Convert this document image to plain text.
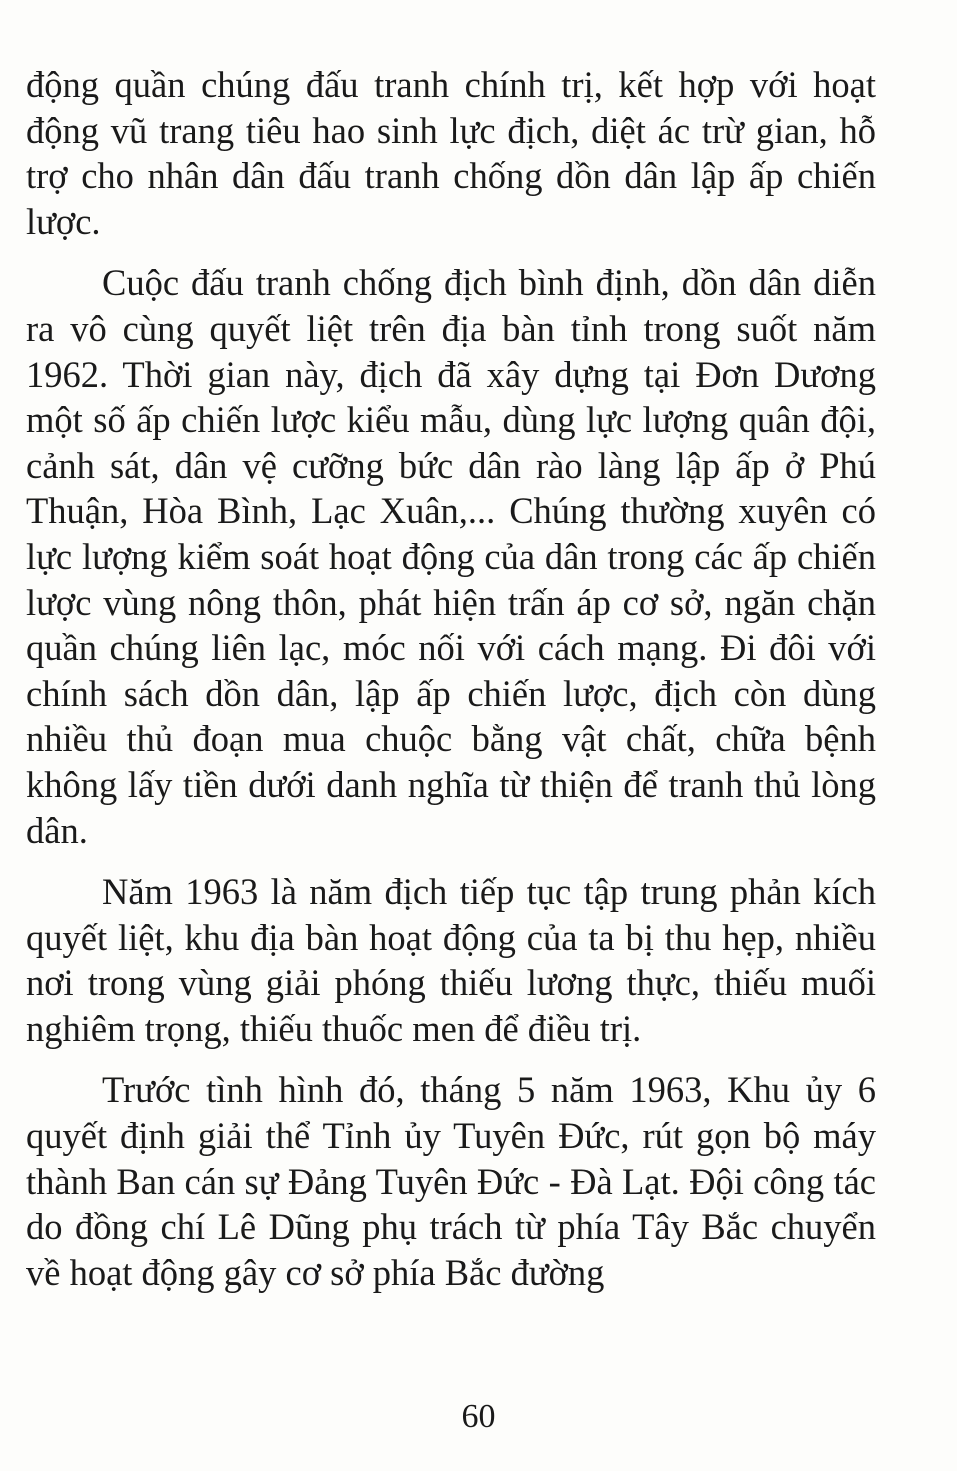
động quần chúng đấu tranh chính trị, kết hợp với hoạt động vũ trang tiêu hao sinh lực địch, diệt ác trừ gian, hỗ trợ cho nhân dân đấu tranh chống dồn dân lập ấp chiến lược.

Cuộc đấu tranh chống địch bình định, dồn dân diễn ra vô cùng quyết liệt trên địa bàn tỉnh trong suốt năm 1962. Thời gian này, địch đã xây dựng tại Đơn Dương một số ấp chiến lược kiểu mẫu, dùng lực lượng quân đội, cảnh sát, dân vệ cưỡng bức dân rào làng lập ấp ở Phú Thuận, Hòa Bình, Lạc Xuân,... Chúng thường xuyên có lực lượng kiểm soát hoạt động của dân trong các ấp chiến lược vùng nông thôn, phát hiện trấn áp cơ sở, ngăn chặn quần chúng liên lạc, móc nối với cách mạng. Đi đôi với chính sách dồn dân, lập ấp chiến lược, địch còn dùng nhiều thủ đoạn mua chuộc bằng vật chất, chữa bệnh không lấy tiền dưới danh nghĩa từ thiện để tranh thủ lòng dân.

Năm 1963 là năm địch tiếp tục tập trung phản kích quyết liệt, khu địa bàn hoạt động của ta bị thu hẹp, nhiều nơi trong vùng giải phóng thiếu lương thực, thiếu muối nghiêm trọng, thiếu thuốc men để điều trị.

Trước tình hình đó, tháng 5 năm 1963, Khu ủy 6 quyết định giải thể Tỉnh ủy Tuyên Đức, rút gọn bộ máy thành Ban cán sự Đảng Tuyên Đức - Đà Lạt. Đội công tác do đồng chí Lê Dũng phụ trách từ phía Tây Bắc chuyển về hoạt động gây cơ sở phía Bắc đường

60
